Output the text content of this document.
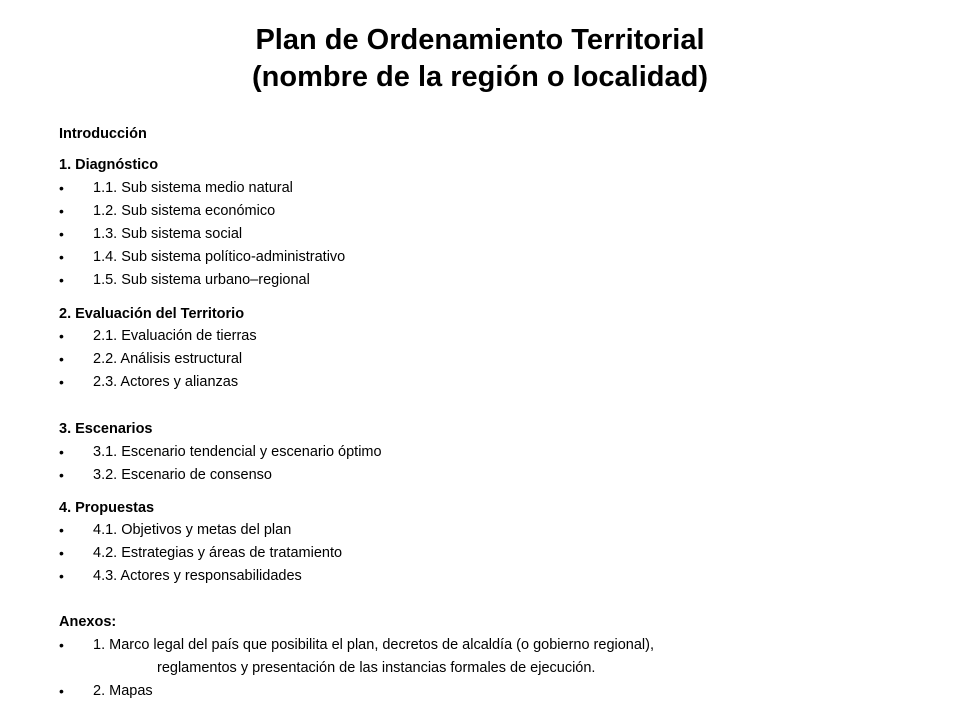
Plan de Ordenamiento Territorial
(nombre de la región o localidad)
Introducción
1. Diagnóstico
• 1.1. Sub sistema medio natural
• 1.2. Sub sistema económico
• 1.3. Sub sistema social
• 1.4. Sub sistema político-administrativo
• 1.5. Sub sistema urbano–regional
2. Evaluación del Territorio
• 2.1. Evaluación de tierras
• 2.2. Análisis estructural
• 2.3. Actores y alianzas
3. Escenarios
• 3.1. Escenario tendencial y escenario óptimo
• 3.2. Escenario de consenso
4. Propuestas
• 4.1. Objetivos y metas del plan
• 4.2. Estrategias y áreas de tratamiento
• 4.3. Actores y responsabilidades
Anexos:
• 1. Marco legal del país que posibilita el plan, decretos de alcaldía (o gobierno regional),
reglamentos y presentación de las instancias formales de ejecución.
• 2. Mapas
